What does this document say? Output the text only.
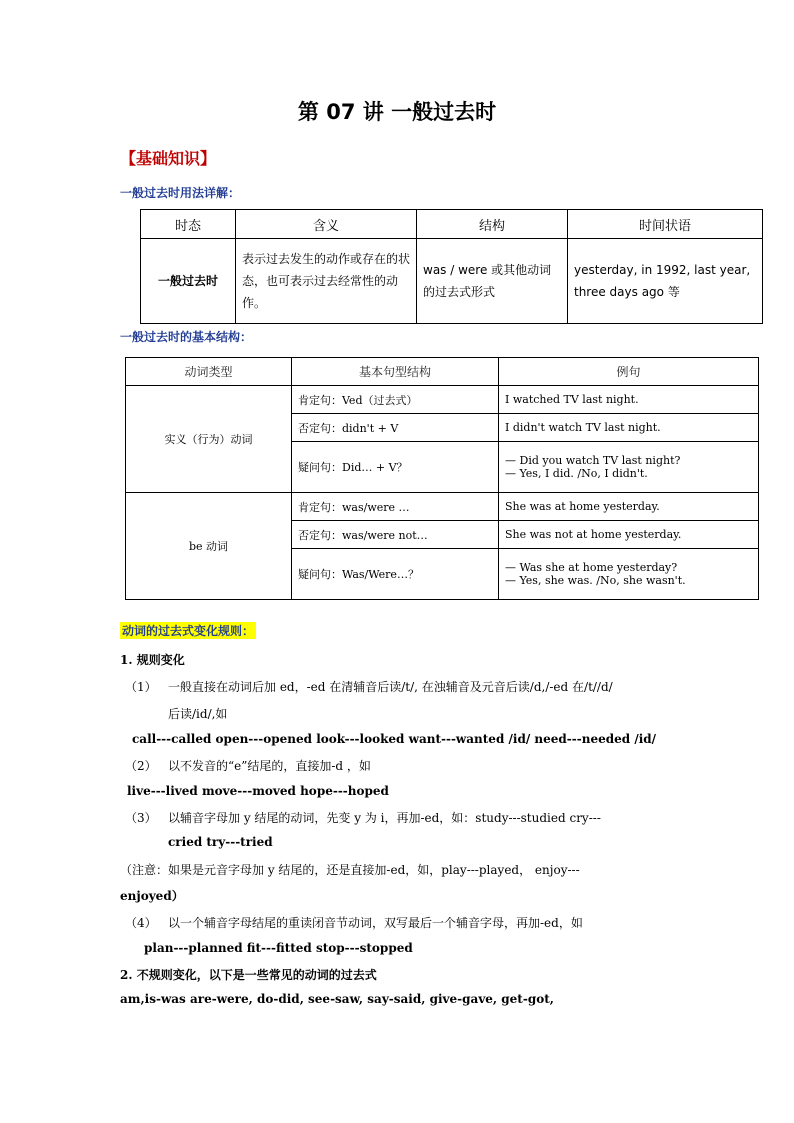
第 07 讲 一般过去时
【基础知识】
一般过去时用法详解：
时态	含义	结构	时间状语
一般过去时	表示过去发生的动作或存在的状态，也可表示过去经常性的动作。	was / were 或其他动词的过去式形式	yesterday, in 1992, last year, three days ago 等
一般过去时的基本结构：
动词类型	基本句型结构	例句
实义（行为）动词	肯定句：Ved（过去式）	I watched TV last night.
	否定句：didn't + V	I didn't watch TV last night.
	疑问句：Did… + V？	— Did you watch TV last night?
— Yes, I did. /No, I didn't.

be 动词	肯定句：was/were …	She was at home yesterday.
	否定句：was/were not…	She was not at home yesterday.
	疑问句：Was/Were…？	— Was she at home yesterday?
— Yes, she was. /No, she wasn't.
动词的过去式变化规则：
1. 规则变化
（1） 一般直接在动词后加 ed，-ed 在清辅音后读/t/, 在浊辅音及元音后读/d,/-ed 在/t//d/
后读/id/,如
call---called open---opened look---looked want---wanted /id/ need---needed /id/
（2） 以不发音的“e”结尾的，直接加-d ，如
live---lived move---moved hope---hoped
（3） 以辅音字母加 y 结尾的动词，先变 y 为 i，再加-ed，如：study---studied cry---
cried try---tried
（注意：如果是元音字母加 y 结尾的，还是直接加-ed，如，play---played， enjoy---
enjoyed）
（4） 以一个辅音字母结尾的重读闭音节动词，双写最后一个辅音字母，再加-ed，如
plan---planned fit---fitted stop---stopped
2. 不规则变化，以下是一些常见的动词的过去式
am,is-was are-were, do-did, see-saw, say-said, give-gave, get-got,
